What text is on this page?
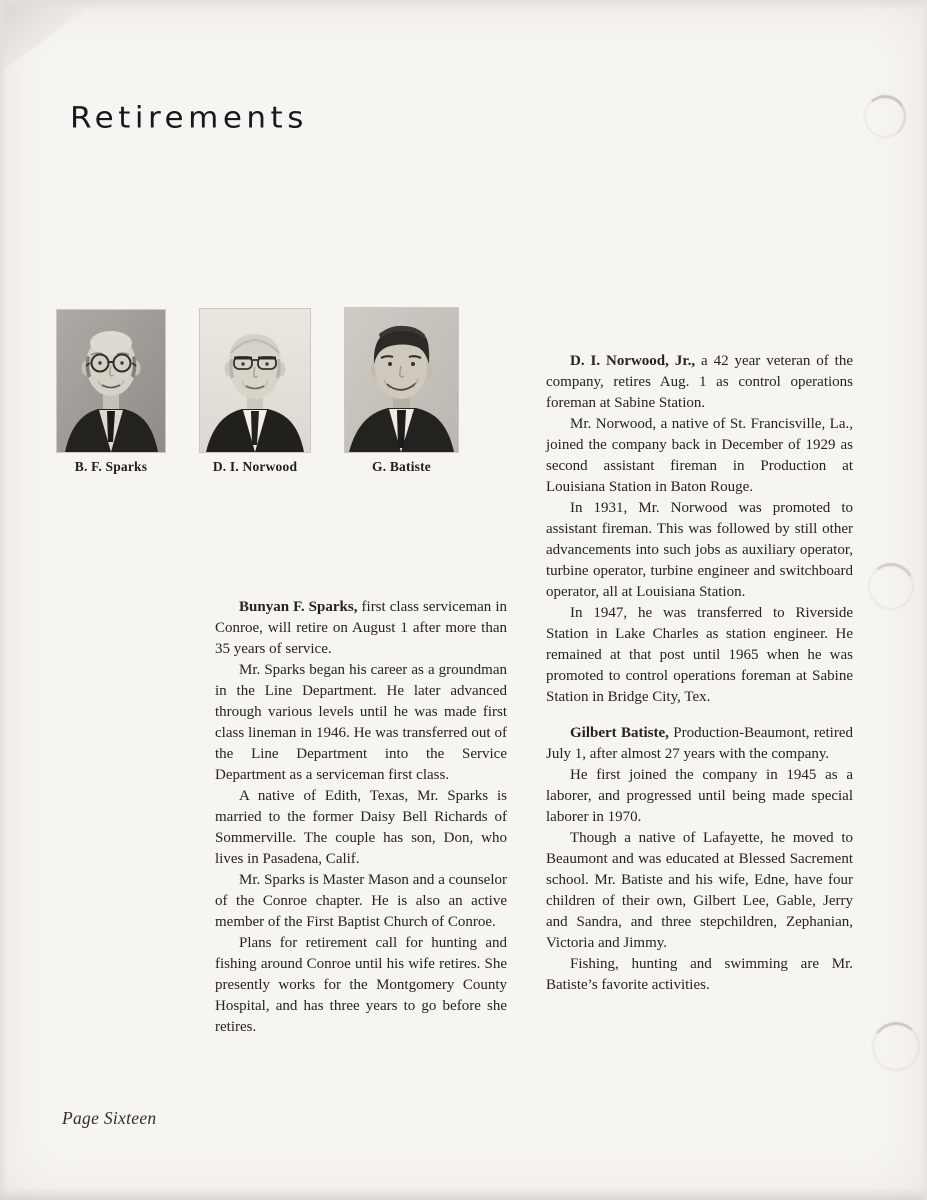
Retirements
B. F. Sparks	D. I. Norwood	G. Batiste

Bunyan F. Sparks, first class serviceman in Conroe, will retire on August 1 after more than 35 years of service.

Mr. Sparks began his career as a groundman in the Line Department. He later advanced through various levels until he was made first class lineman in 1946. He was transferred out of the Line Department into the Service Department as a serviceman first class.

A native of Edith, Texas, Mr. Sparks is married to the former Daisy Bell Richards of Sommerville. The couple has son, Don, who lives in Pasadena, Calif.

Mr. Sparks is Master Mason and a counselor of the Conroe chapter. He is also an active member of the First Baptist Church of Conroe.

Plans for retirement call for hunting and fishing around Conroe until his wife retires. She presently works for the Montgomery County Hospital, and has three years to go before she retires.

D. I. Norwood, Jr., a 42 year veteran of the company, retires Aug. 1 as control operations foreman at Sabine Station.

Mr. Norwood, a native of St. Francisville, La., joined the company back in December of 1929 as second assistant fireman in Production at Louisiana Station in Baton Rouge.

In 1931, Mr. Norwood was promoted to assistant fireman. This was followed by still other advancements into such jobs as auxiliary operator, turbine operator, turbine engineer and switchboard operator, all at Louisiana Station.

In 1947, he was transferred to Riverside Station in Lake Charles as station engineer. He remained at that post until 1965 when he was promoted to control operations foreman at Sabine Station in Bridge City, Tex.

Gilbert Batiste, Production-Beaumont, retired July 1, after almost 27 years with the company.

He first joined the company in 1945 as a laborer, and progressed until being made special laborer in 1970.

Though a native of Lafayette, he moved to Beaumont and was educated at Blessed Sacrement school. Mr. Batiste and his wife, Edne, have four children of their own, Gilbert Lee, Gable, Jerry and Sandra, and three stepchildren, Zephanian, Victoria and Jimmy.

Fishing, hunting and swimming are Mr. Batiste’s favorite activities.

Page Sixteen
